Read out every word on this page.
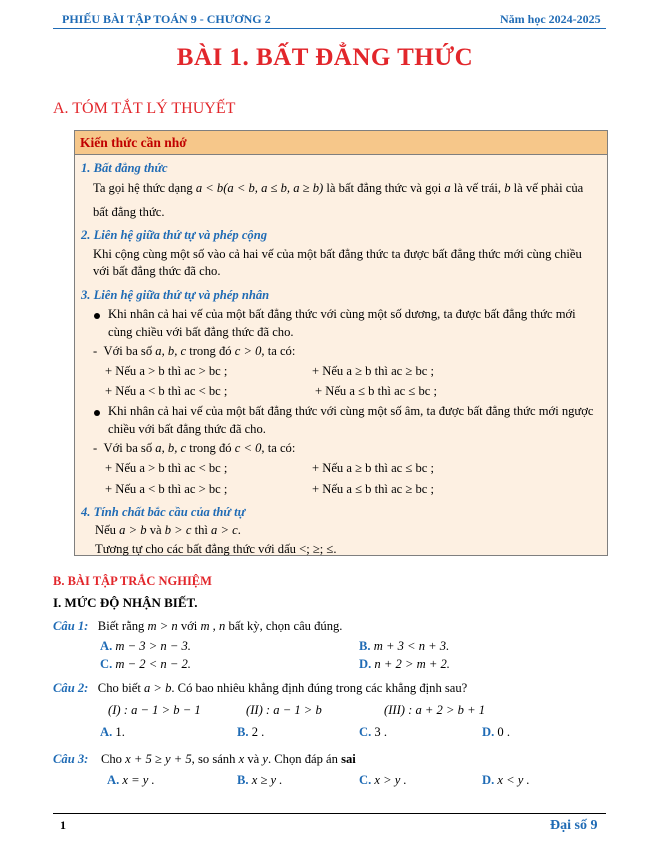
PHIẾU BÀI TẬP TOÁN 9 - CHƯƠNG 2	Năm học 2024-2025
BÀI 1. BẤT ĐẲNG THỨC
A. TÓM TẮT LÝ THUYẾT
Kiến thức cần nhớ
1. Bất đẳng thức
Ta gọi hệ thức dạng a < b(a < b, a ≤ b, a ≥ b) là bất đẳng thức và gọi a là vế trái, b là vế phải của
bất đẳng thức.
2. Liên hệ giữa thứ tự và phép cộng
Khi cộng cùng một số vào cả hai vế của một bất đẳng thức ta được bất đẳng thức mới cùng chiều
với bất đẳng thức đã cho.
3. Liên hệ giữa thứ tự và phép nhân
Khi nhân cả hai vế của một bất đẳng thức với cùng một số dương, ta được bất đẳng thức mới
cùng chiều với bất đẳng thức đã cho.
-  Với ba số a, b, c trong đó c > 0, ta có:
+ Nếu a > b thì ac > bc ;	+ Nếu a ≥ b thì ac ≥ bc ;
+ Nếu a < b thì ac < bc ;	+ Nếu a ≤ b thì ac ≤ bc ;
Khi nhân cả hai vế của một bất đẳng thức với cùng một số âm, ta được bất đẳng thức mới ngược
chiều với bất đẳng thức đã cho.
-  Với ba số a, b, c trong đó c < 0, ta có:
+ Nếu a > b thì ac < bc ;	+ Nếu a ≥ b thì ac ≤ bc ;
+ Nếu a < b thì ac > bc ;	+ Nếu a ≤ b thì ac ≥ bc ;
4. Tính chất bắc cầu của thứ tự
Nếu a > b và b > c thì a > c.
Tương tự cho các bất đẳng thức với dấu <; ≥; ≤.
B. BÀI TẬP TRẮC NGHIỆM
I. MỨC ĐỘ NHẬN BIẾT.
Câu 1: Biết rằng m > n với m , n bất kỳ, chọn câu đúng.
A. m − 3 > n − 3.	B. m + 3 < n + 3.
C. m − 2 < n − 2.	D. n + 2 > m + 2.
Câu 2: Cho biết a > b. Có bao nhiêu khẳng định đúng trong các khẳng định sau?
(I) : a − 1 > b − 1	(II) : a − 1 > b	(III) : a + 2 > b + 1
A. 1.	B. 2 .	C. 3 .	D. 0 .
Câu 3: Cho x + 5 ≥ y + 5, so sánh x và y. Chọn đáp án sai
A. x = y .	B. x ≥ y .	C. x > y .	D. x < y .
1	Đại số 9
